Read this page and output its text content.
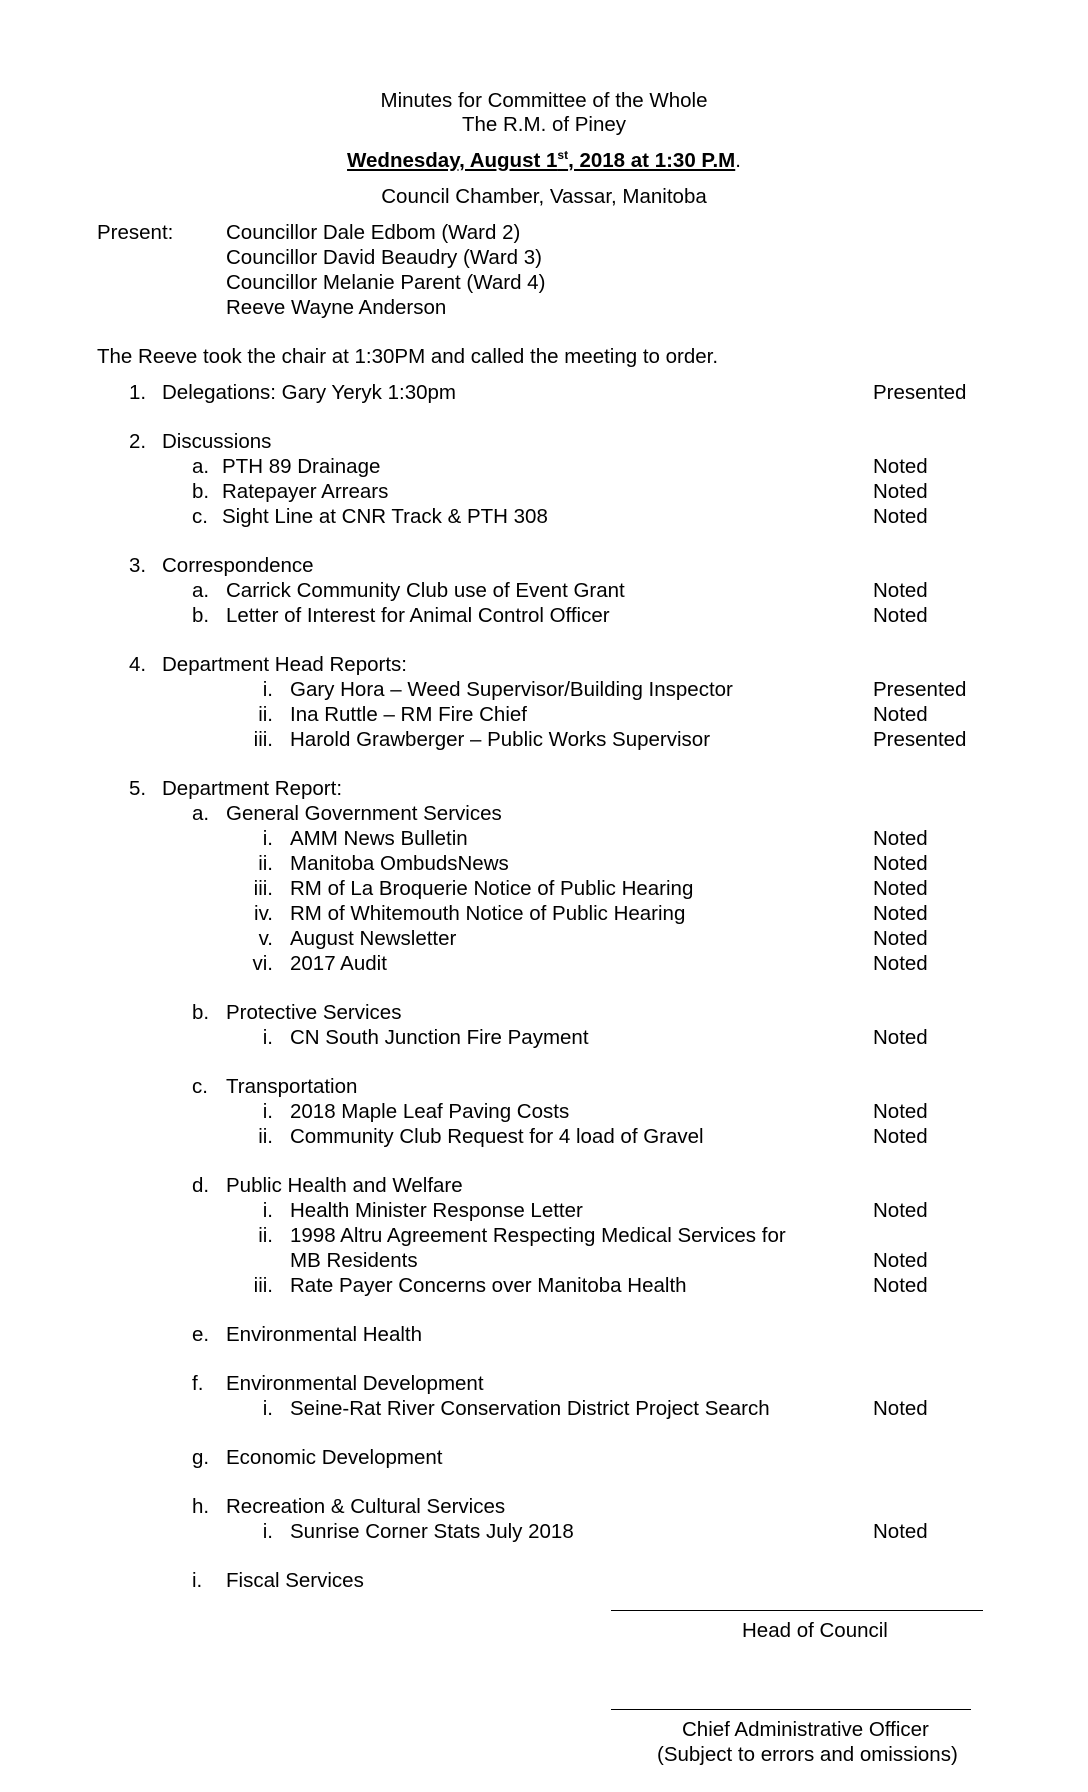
Minutes for Committee of the Whole
The R.M. of Piney
Wednesday, August 1st, 2018 at 1:30 P.M.
Council Chamber, Vassar, Manitoba
Present:	Councillor Dale Edbom (Ward 2)
Councillor David Beaudry (Ward 3)
Councillor Melanie Parent (Ward 4)
Reeve Wayne Anderson
The Reeve took the chair at 1:30PM and called the meeting to order.
1. Delegations: Gary Yeryk 1:30pm	Presented
2. Discussions
a. PTH 89 Drainage	Noted
b. Ratepayer Arrears	Noted
c. Sight Line at CNR Track & PTH 308	Noted
3. Correspondence
a. Carrick Community Club use of Event Grant	Noted
b. Letter of Interest for Animal Control Officer	Noted
4. Department Head Reports:
i. Gary Hora – Weed Supervisor/Building Inspector	Presented
ii. Ina Ruttle – RM Fire Chief	Noted
iii. Harold Grawberger – Public Works Supervisor	Presented
5. Department Report:
a. General Government Services
i. AMM News Bulletin	Noted
ii. Manitoba OmbudsNews	Noted
iii. RM of La Broquerie Notice of Public Hearing	Noted
iv. RM of Whitemouth Notice of Public Hearing	Noted
v. August Newsletter	Noted
vi. 2017 Audit	Noted
b. Protective Services
i. CN South Junction Fire Payment	Noted
c. Transportation
i. 2018 Maple Leaf Paving Costs	Noted
ii. Community Club Request for 4 load of Gravel	Noted
d. Public Health and Welfare
i. Health Minister Response Letter	Noted
ii. 1998 Altru Agreement Respecting Medical Services for
MB Residents	Noted
iii. Rate Payer Concerns over Manitoba Health	Noted
e. Environmental Health
f. Environmental Development
i. Seine-Rat River Conservation District Project Search	Noted
g. Economic Development
h. Recreation & Cultural Services
i. Sunrise Corner Stats July 2018	Noted
i. Fiscal Services
Head of Council
Chief Administrative Officer
(Subject to errors and omissions)
